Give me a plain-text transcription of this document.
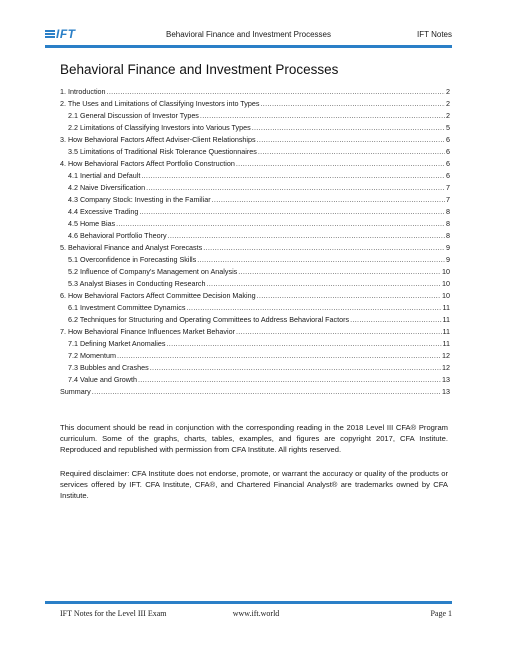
IFT	Behavioral Finance and Investment Processes	IFT Notes
Behavioral Finance and Investment Processes
1. Introduction .....	2
2. The Uses and Limitations of Classifying Investors into Types .....	2
2.1 General Discussion of Investor Types .....	2
2.2 Limitations of Classifying Investors into Various Types .....	5
3. How Behavioral Factors Affect Adviser-Client Relationships .....	6
3.5 Limitations of Traditional Risk Tolerance Questionnaires .....	6
4. How Behavioral Factors Affect Portfolio Construction .....	6
4.1 Inertial and Default .....	6
4.2 Naive Diversification .....	7
4.3 Company Stock: Investing in the Familiar .....	7
4.4 Excessive Trading .....	8
4.5 Home Bias .....	8
4.6 Behavioral Portfolio Theory .....	8
5. Behavioral Finance and Analyst Forecasts .....	9
5.1 Overconfidence in Forecasting Skills .....	9
5.2 Influence of Company’s Management on Analysis .....	10
5.3 Analyst Biases in Conducting Research .....	10
6. How Behavioral Factors Affect Committee Decision Making .....	10
6.1 Investment Committee Dynamics .....	11
6.2 Techniques for Structuring and Operating Committees to Address Behavioral Factors .....	11
7. How Behavioral Finance Influences Market Behavior .....	11
7.1 Defining Market Anomalies .....	11
7.2 Momentum .....	12
7.3 Bubbles and Crashes .....	12
7.4 Value and Growth .....	13
Summary .....	13
This document should be read in conjunction with the corresponding reading in the 2018 Level III CFA® Program curriculum. Some of the graphs, charts, tables, examples, and figures are copyright 2017, CFA Institute. Reproduced and republished with permission from CFA Institute. All rights reserved.
Required disclaimer: CFA Institute does not endorse, promote, or warrant the accuracy or quality of the products or services offered by IFT. CFA Institute, CFA®, and Chartered Financial Analyst® are trademarks owned by CFA Institute.
IFT Notes for the Level III Exam	www.ift.world	Page 1
